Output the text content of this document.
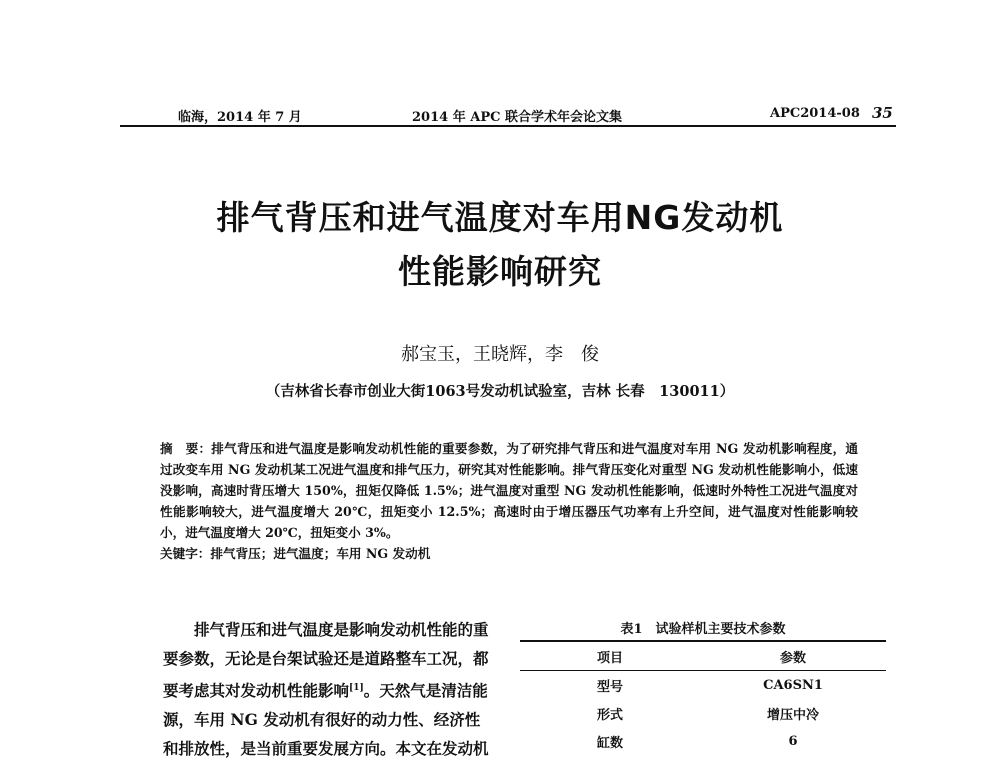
临海，2014 年 7 月	2014 年 APC 联合学术年会论文集	APC2014-08 35
排气背压和进气温度对车用NG发动机
性能影响研究
郝宝玉，王晓辉，李　俊
（吉林省长春市创业大街1063号发动机试验室，吉林 长春　130011）

摘　要：排气背压和进气温度是影响发动机性能的重要参数，为了研究排气背压和进气温度对车用 NG 发动机影响程度，通过改变车用 NG 发动机某工况进气温度和排气压力，研究其对性能影响。排气背压变化对重型 NG 发动机性能影响小，低速没影响，高速时背压增大 150%，扭矩仅降低 1.5%；进气温度对重型 NG 发动机性能影响，低速时外特性工况进气温度对性能影响较大，进气温度增大 20℃，扭矩变小 12.5%；高速时由于增压器压气功率有上升空间，进气温度对性能影响较小，进气温度增大 20℃，扭矩变小 3%。

关键字：排气背压；进气温度；车用 NG 发动机

排气背压和进气温度是影响发动机性能的重要参数，无论是台架试验还是道路整车工况，都要考虑其对发动机性能影响[1]。天然气是清洁能源，车用 NG 发动机有很好的动力性、经济性和排放性，是当前重要发展方向。本文在发动机

表1　试验样机主要技术参数
项目	参数
型号	CA6SN1
形式	增压中冷
缸数	6
